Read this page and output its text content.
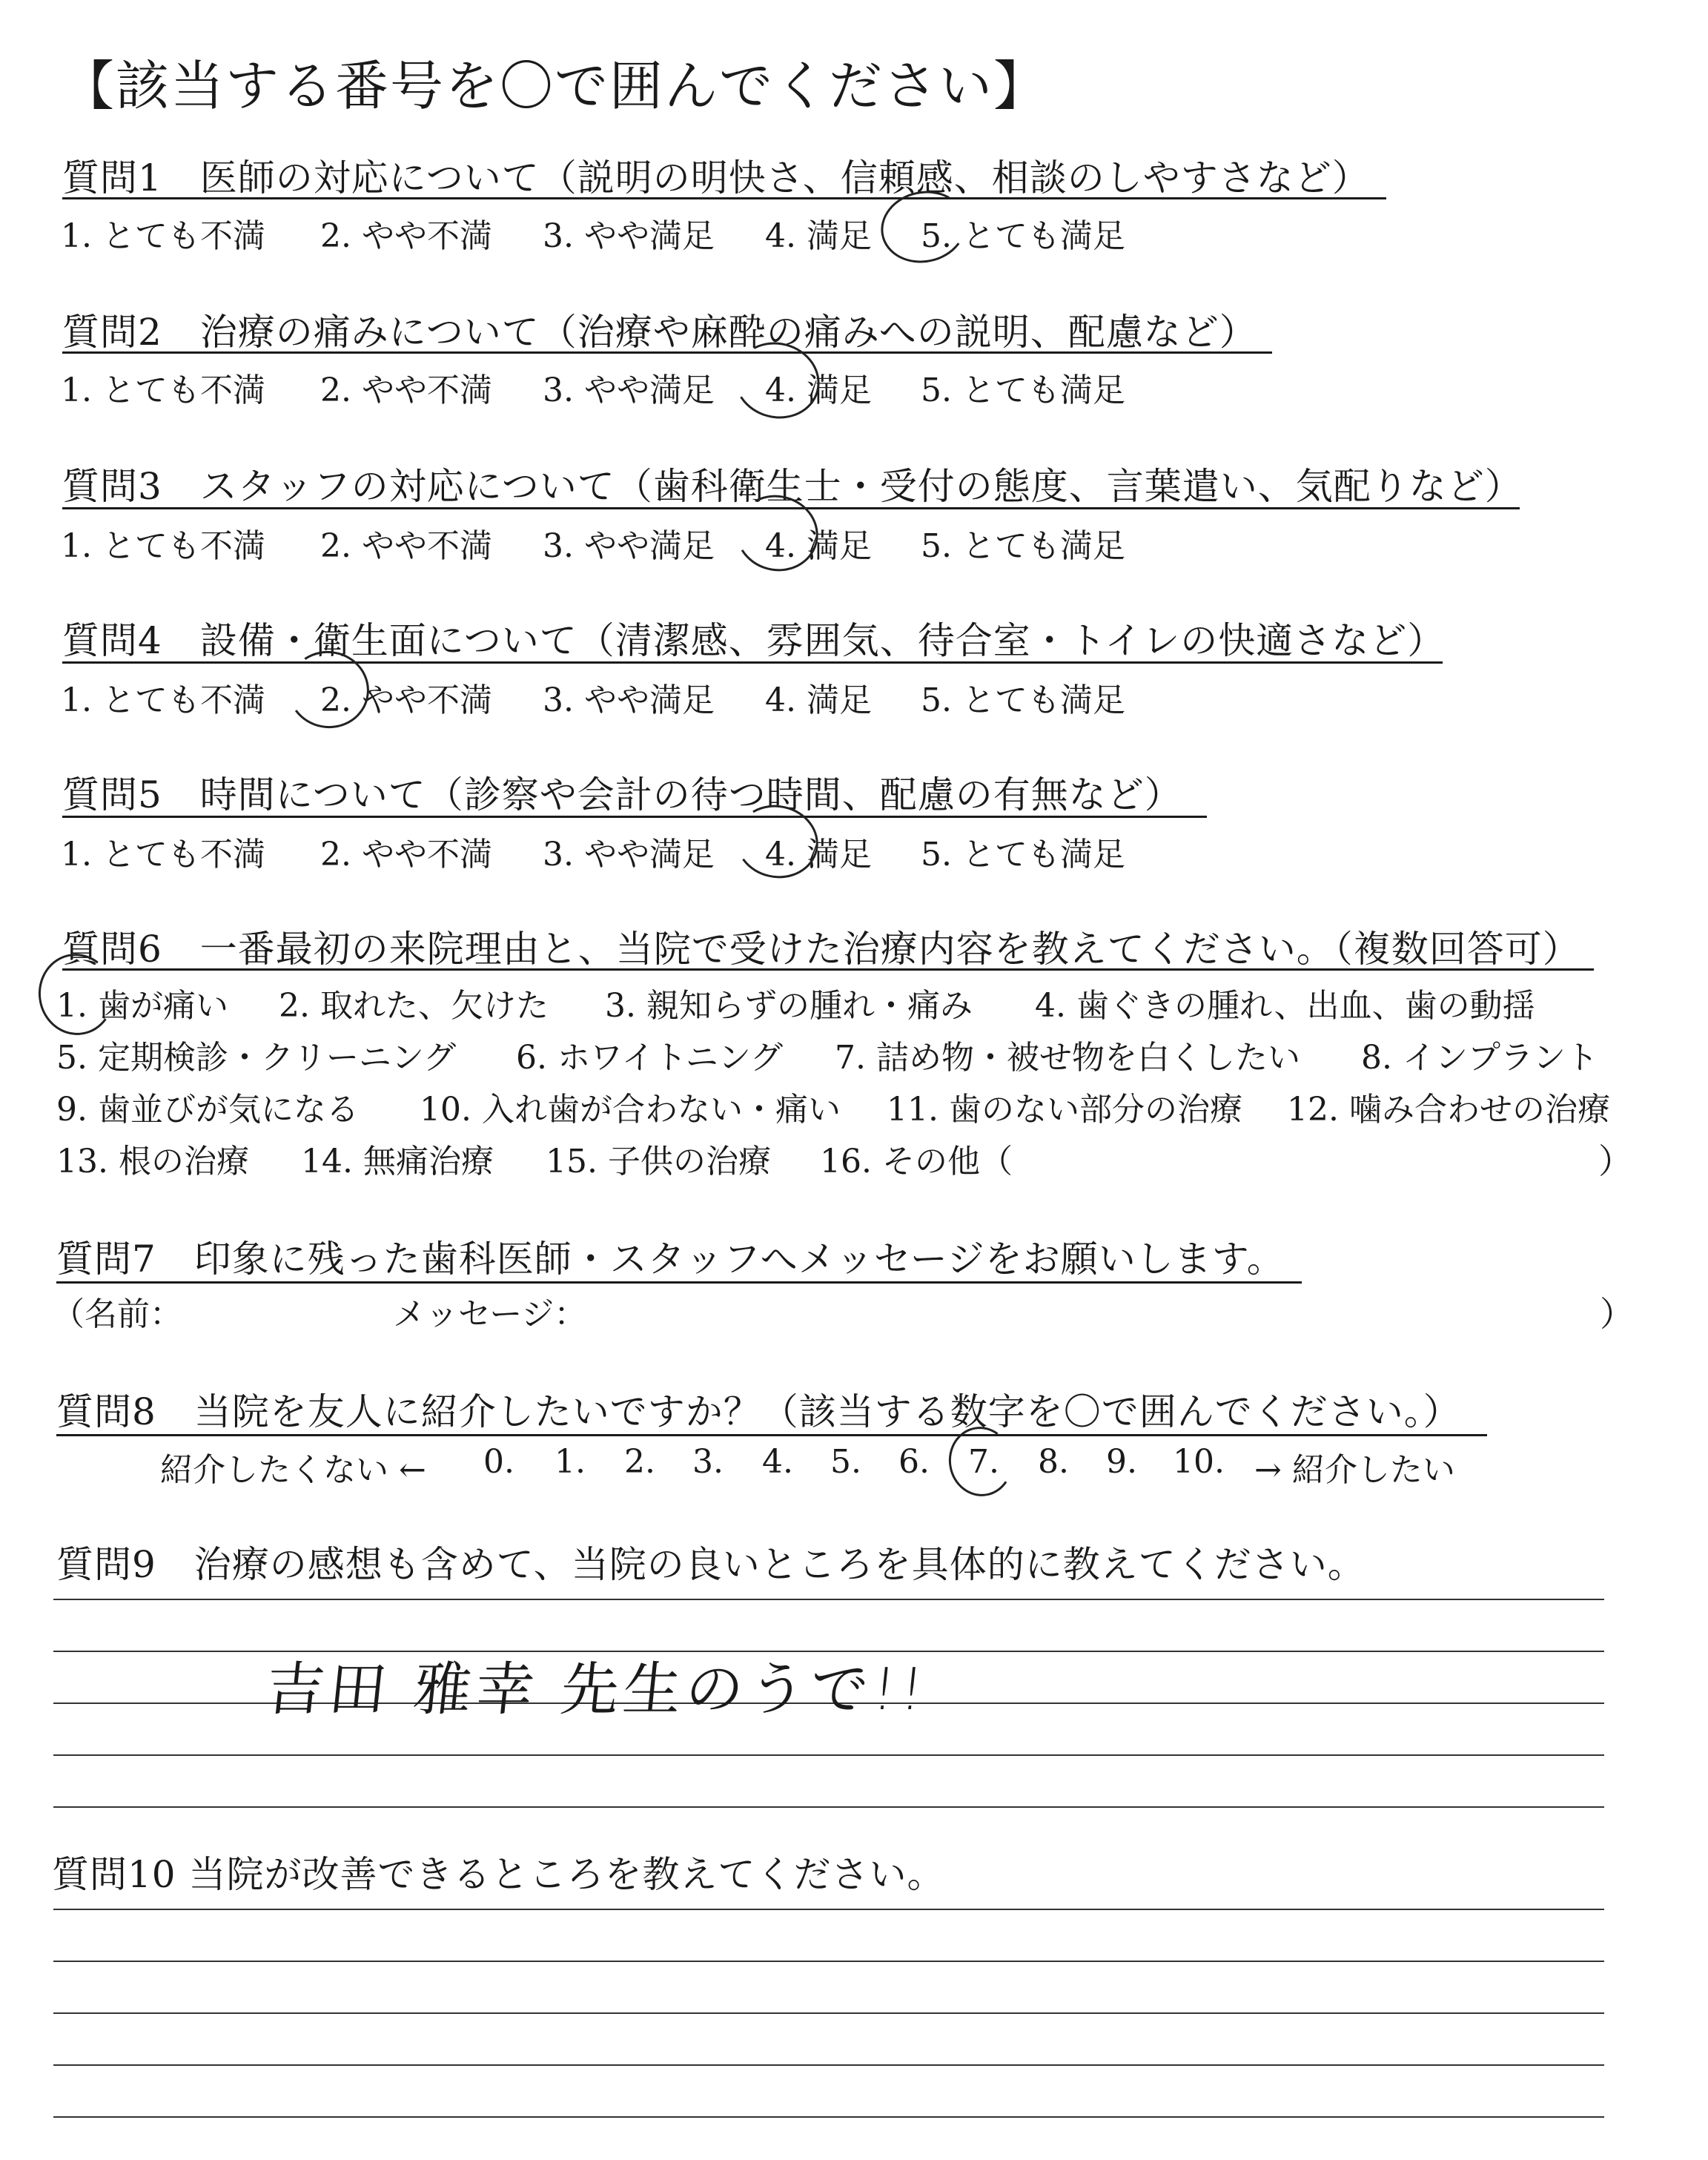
【該当する番号を〇で囲んでください】
質問1　医師の対応について（説明の明快さ、信頼感、相談のしやすさなど）
1. とても不満 2. やや不満 3. やや満足 4. 満足 5. とても満足
質問2　治療の痛みについて（治療や麻酔の痛みへの説明、配慮など）
1. とても不満 2. やや不満 3. やや満足 4. 満足 5. とても満足
質問3　スタッフの対応について（歯科衛生士・受付の態度、言葉遣い、気配りなど）
1. とても不満 2. やや不満 3. やや満足 4. 満足 5. とても満足
質問4　設備・衛生面について（清潔感、雰囲気、待合室・トイレの快適さなど）
1. とても不満 2. やや不満 3. やや満足 4. 満足 5. とても満足
質問5　時間について（診察や会計の待つ時間、配慮の有無など）
1. とても不満 2. やや不満 3. やや満足 4. 満足 5. とても満足
質問6　一番最初の来院理由と、当院で受けた治療内容を教えてください。（複数回答可）
1. 歯が痛い 2. 取れた、欠けた 3. 親知らずの腫れ・痛み 4. 歯ぐきの腫れ、出血、歯の動揺
5. 定期検診・クリーニング 6. ホワイトニング 7. 詰め物・被せ物を白くしたい 8. インプラント
9. 歯並びが気になる 10. 入れ歯が合わない・痛い 11. 歯のない部分の治療 12. 噛み合わせの治療
13. 根の治療 14. 無痛治療 15. 子供の治療 16. その他（	）
質問7　印象に残った歯科医師・スタッフへメッセージをお願いします。
（名前：	メッセージ：	）
質問8　当院を友人に紹介したいですか？（該当する数字を〇で囲んでください。）
紹介したくない ← 0. 1. 2. 3. 4. 5. 6. 7. 8. 9. 10. → 紹介したい
質問9　治療の感想も含めて、当院の良いところを具体的に教えてください。
吉田 雅幸 先生のうで!!
質問10 当院が改善できるところを教えてください。
